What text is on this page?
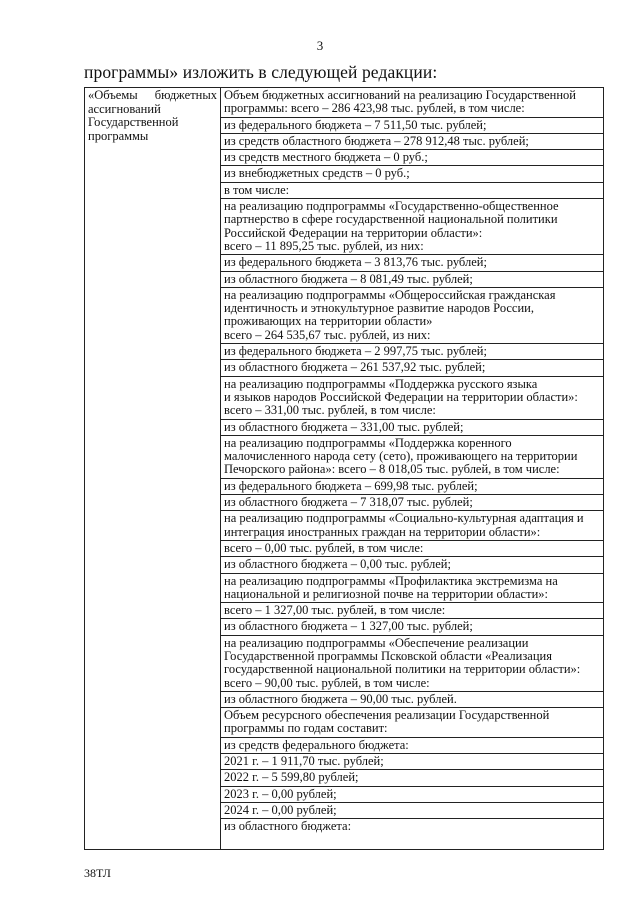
3
программы» изложить в следующей редакции:
«Объемы бюджетных
ассигнований
Государственной
программы
Объем бюджетных ассигнований на реализацию Государственной
программы: всего – 286 423,98 тыс. рублей, в том числе:
из федерального бюджета – 7 511,50 тыс. рублей;
из средств областного бюджета – 278 912,48 тыс. рублей;
из средств местного бюджета – 0 руб.;
из внебюджетных средств – 0 руб.;
в том числе:
на реализацию подпрограммы «Государственно-общественное
партнерство в сфере государственной национальной политики
Российской Федерации на территории области»:
всего – 11 895,25 тыс. рублей, из них:
из федерального бюджета – 3 813,76 тыс. рублей;
из областного бюджета – 8 081,49 тыс. рублей;
на реализацию подпрограммы «Общероссийская гражданская
идентичность и этнокультурное развитие народов России,
проживающих на территории области»
всего – 264 535,67 тыс. рублей, из них:
из федерального бюджета – 2 997,75 тыс. рублей;
из областного бюджета – 261 537,92 тыс. рублей;
на реализацию подпрограммы «Поддержка русского языка
и языков народов Российской Федерации на территории области»:
всего – 331,00 тыс. рублей, в том числе:
из областного бюджета – 331,00 тыс. рублей;
на реализацию подпрограммы «Поддержка коренного
малочисленного народа сету (сето), проживающего на территории
Печорского района»: всего – 8 018,05 тыс. рублей, в том числе:
из федерального бюджета – 699,98 тыс. рублей;
из областного бюджета – 7 318,07 тыс. рублей;
на реализацию подпрограммы «Социально-культурная адаптация и
интеграция иностранных граждан на территории области»:
всего – 0,00 тыс. рублей, в том числе:
из областного бюджета – 0,00 тыс. рублей;
на реализацию подпрограммы «Профилактика экстремизма на
национальной и религиозной почве на территории области»:
всего – 1 327,00 тыс. рублей, в том числе:
из областного бюджета – 1 327,00 тыс. рублей;
на реализацию подпрограммы «Обеспечение реализации
Государственной программы Псковской области «Реализация
государственной национальной политики на территории области»:
всего – 90,00 тыс. рублей, в том числе:
из областного бюджета – 90,00 тыс. рублей.
Объем ресурсного обеспечения реализации Государственной
программы по годам составит:
из средств федерального бюджета:
2021 г. – 1 911,70 тыс. рублей;
2022 г. – 5 599,80 рублей;
2023 г. – 0,00 рублей;
2024 г. – 0,00 рублей;
из областного бюджета:
38ТЛ
